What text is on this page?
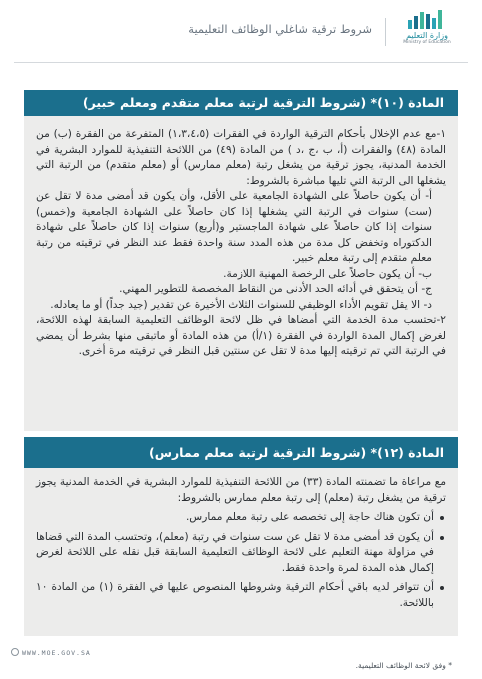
وزارة التعليم
Ministry of Education
شروط ترقية شاغلي الوظائف التعليمية
المادة (١٠)* (شروط الترقية لرتبة معلم متقدم ومعلم خبير)

١-مع عدم الإخلال بأحكام الترقية الواردة في الفقرات (١،٣،٤،٥) المتفرعة من الفقرة (ب) من المادة (٤٨) والفقرات (أ، ب ،ج ،د ) من المادة (٤٩) من اللائحة التنفيذية للموارد البشرية في الخدمة المدنية، يجوز ترقية من يشغل رتبة (معلم ممارس) أو (معلم متقدم) من الرتبة التي يشغلها الى الرتبة التي تليها مباشرة بالشروط:

أ- أن يكون حاصلاً على الشهادة الجامعية على الأقل، وأن يكون قد أمضى مدة لا تقل عن (ست) سنوات في الرتبة التي يشغلها إذا كان حاصلاً على الشهادة الجامعية و(خمس) سنوات إذا كان حاصلاً على شهادة الماجستير و(أربع) سنوات إذا كان حاصلاً على شهادة الدكتوراه وتخفض كل مدة من هذه المدد سنة واحدة فقط عند النظر في ترقيته من رتبة معلم متقدم إلى رتبة معلم خبير.

ب- أن يكون حاصلاً على الرخصة المهنية اللازمة.

ج- أن يتحقق في أدائه الحد الأدنى من النقاط المخصصة للتطوير المهني.

د- الا يقل تقويم الأداء الوظيفي للسنوات الثلاث الأخيرة عن تقدير (جيد جداً) أو ما يعادله.

٢-تحتسب مدة الخدمة التي أمضاها في ظل لائحة الوظائف التعليمية السابقة لهذه اللائحة، لغرض إكمال المدة الواردة في الفقرة (١/أ) من هذه المادة أو ماتبقى منها بشرط أن يمضي في الرتبة التي تم ترقيته إليها مدة لا تقل عن سنتين قبل النظر في ترقيته مرة أخرى.

المادة (١٢)* (شروط الترقية لرتبة معلم ممارس)

مع مراعاة ما تضمنته المادة (٣٣) من اللائحة التنفيذية للموارد البشرية في الخدمة المدنية يجوز ترقية من يشغل رتبة (معلم) إلى رتبة معلم ممارس بالشروط:

أن تكون هناك حاجة إلى تخصصه على رتبة معلم ممارس.

أن يكون قد أمضى مدة لا تقل عن ست سنوات في رتبة (معلم)، وتحتسب المدة التي قضاها في مزاولة مهنة التعليم على لائحة الوظائف التعليمية السابقة قبل نقله على اللائحة لغرض إكمال هذه المدة لمرة واحدة فقط.

أن تتوافر لديه باقي أحكام الترقية وشروطها المنصوص عليها في الفقرة (١) من المادة ١٠ باللائحة.

WWW.MOE.GOV.SA
* وفق لائحة الوظائف التعليمية.
